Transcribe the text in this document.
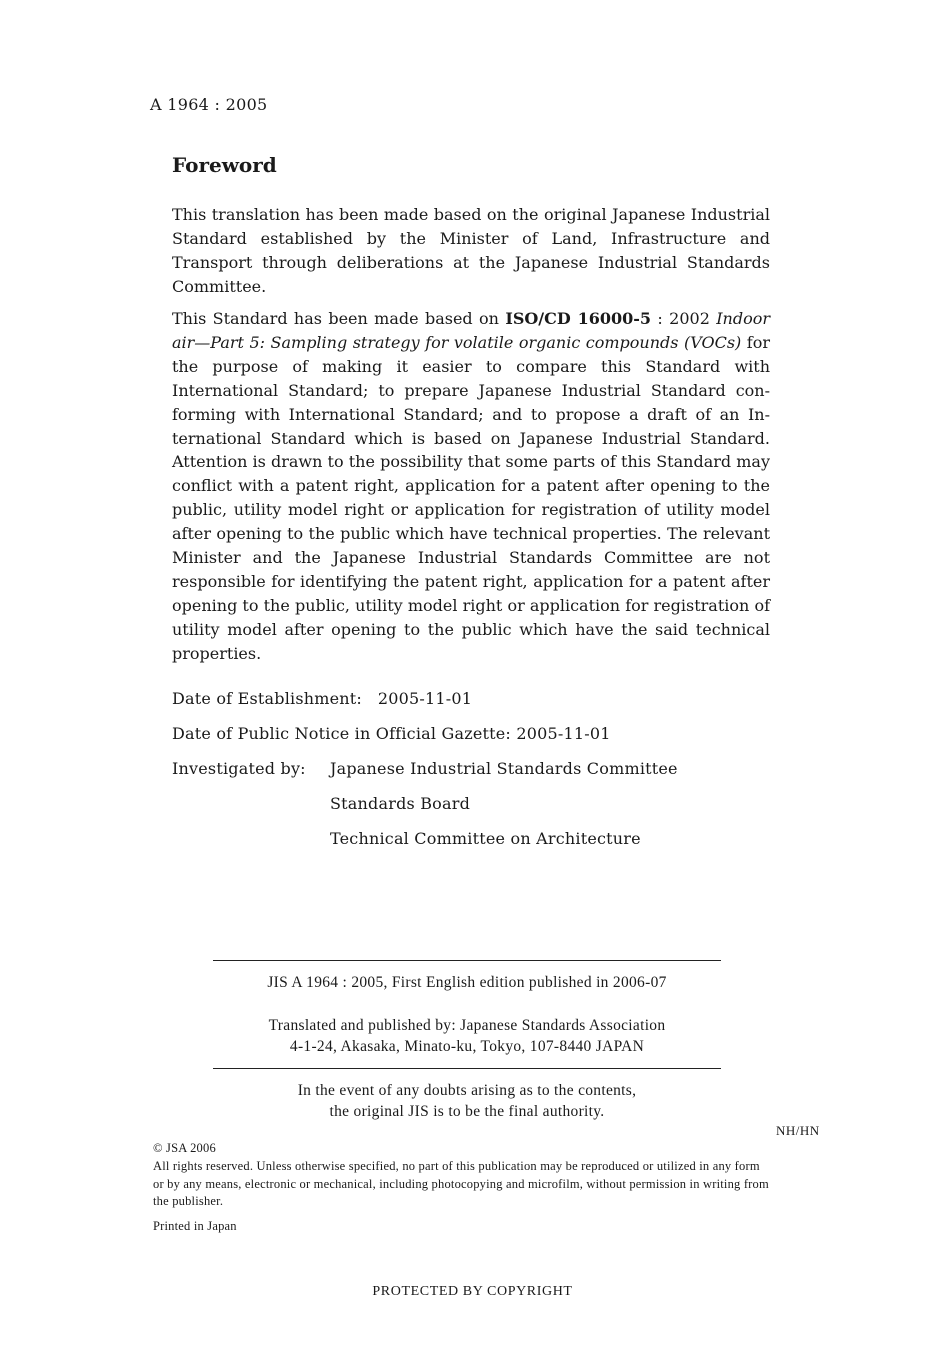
A 1964 : 2005
Foreword
This translation has been made based on the original Japanese Industrial Standard established by the Minister of Land, Infrastructure and Transport through deliberations at the Japanese Industrial Standards Committee.
This Standard has been made based on ISO/CD 16000-5 : 2002 Indoor air—Part 5: Sampling strategy for volatile organic compounds (VOCs) for the purpose of making it easier to compare this Standard with International Standard; to prepare Japanese Industrial Standard conforming with International Standard; and to propose a draft of an International Standard which is based on Japanese Industrial Standard. Attention is drawn to the possibility that some parts of this Standard may conflict with a patent right, application for a patent after opening to the public, utility model right or application for registration of utility model after opening to the public which have technical properties. The relevant Minister and the Japanese Industrial Standards Committee are not responsible for identifying the patent right, application for a patent after opening to the public, utility model right or application for registration of utility model after opening to the public which have the said technical properties.
Date of Establishment: 2005-11-01
Date of Public Notice in Official Gazette: 2005-11-01
Investigated by: Japanese Industrial Standards Committee
Standards Board
Technical Committee on Architecture
JIS A 1964 : 2005, First English edition published in 2006-07
Translated and published by: Japanese Standards Association
4-1-24, Akasaka, Minato-ku, Tokyo, 107-8440 JAPAN
In the event of any doubts arising as to the contents,
the original JIS is to be the final authority.
NH/HN
© JSA 2006
All rights reserved. Unless otherwise specified, no part of this publication may be reproduced or utilized in any form or by any means, electronic or mechanical, including photocopying and microfilm, without permission in writing from the publisher.
Printed in Japan
PROTECTED BY COPYRIGHT
